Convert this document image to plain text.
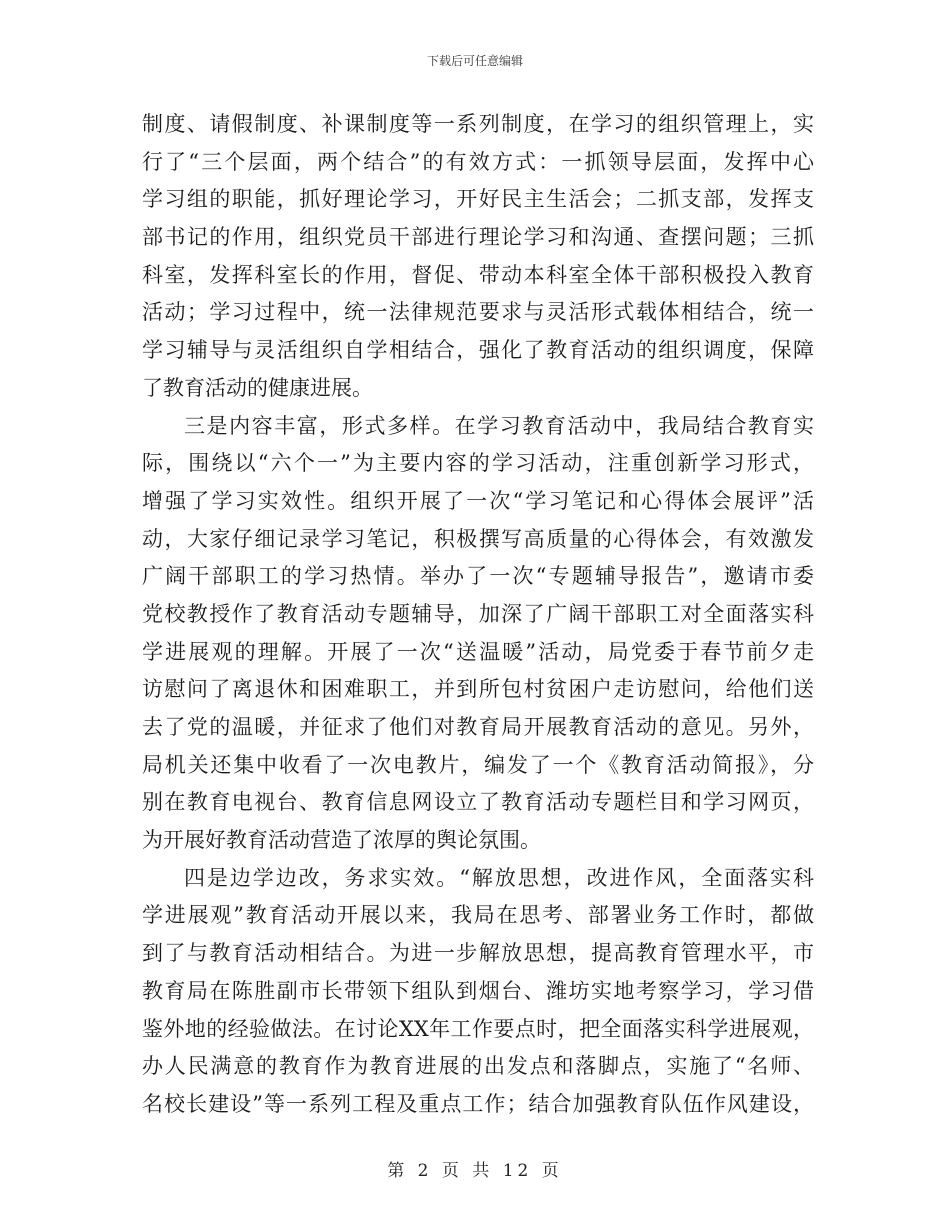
下载后可任意编辑
制度、请假制度、补课制度等一系列制度，在学习的组织管理上，实
行了“三个层面，两个结合”的有效方式：一抓领导层面，发挥中心
学习组的职能，抓好理论学习，开好民主生活会；二抓支部，发挥支
部书记的作用，组织党员干部进行理论学习和沟通、查摆问题；三抓
科室，发挥科室长的作用，督促、带动本科室全体干部积极投入教育
活动；学习过程中，统一法律规范要求与灵活形式载体相结合，统一
学习辅导与灵活组织自学相结合，强化了教育活动的组织调度，保障
了教育活动的健康进展。
三是内容丰富，形式多样。在学习教育活动中，我局结合教育实
际，围绕以“六个一”为主要内容的学习活动，注重创新学习形式，
增强了学习实效性。组织开展了一次“学习笔记和心得体会展评”活
动，大家仔细记录学习笔记，积极撰写高质量的心得体会，有效激发
广阔干部职工的学习热情。举办了一次“专题辅导报告”，邀请市委
党校教授作了教育活动专题辅导，加深了广阔干部职工对全面落实科
学进展观的理解。开展了一次“送温暖”活动，局党委于春节前夕走
访慰问了离退休和困难职工，并到所包村贫困户走访慰问，给他们送
去了党的温暖，并征求了他们对教育局开展教育活动的意见。另外，
局机关还集中收看了一次电教片，编发了一个《教育活动简报》，分
别在教育电视台、教育信息网设立了教育活动专题栏目和学习网页，
为开展好教育活动营造了浓厚的舆论氛围。
四是边学边改，务求实效。“解放思想，改进作风，全面落实科
学进展观”教育活动开展以来，我局在思考、部署业务工作时，都做
到了与教育活动相结合。为进一步解放思想，提高教育管理水平，市
教育局在陈胜副市长带领下组队到烟台、潍坊实地考察学习，学习借
鉴外地的经验做法。在讨论XX年工作要点时，把全面落实科学进展观，
办人民满意的教育作为教育进展的出发点和落脚点，实施了“名师、
名校长建设”等一系列工程及重点工作；结合加强教育队伍作风建设，
第 2 页 共 12 页
